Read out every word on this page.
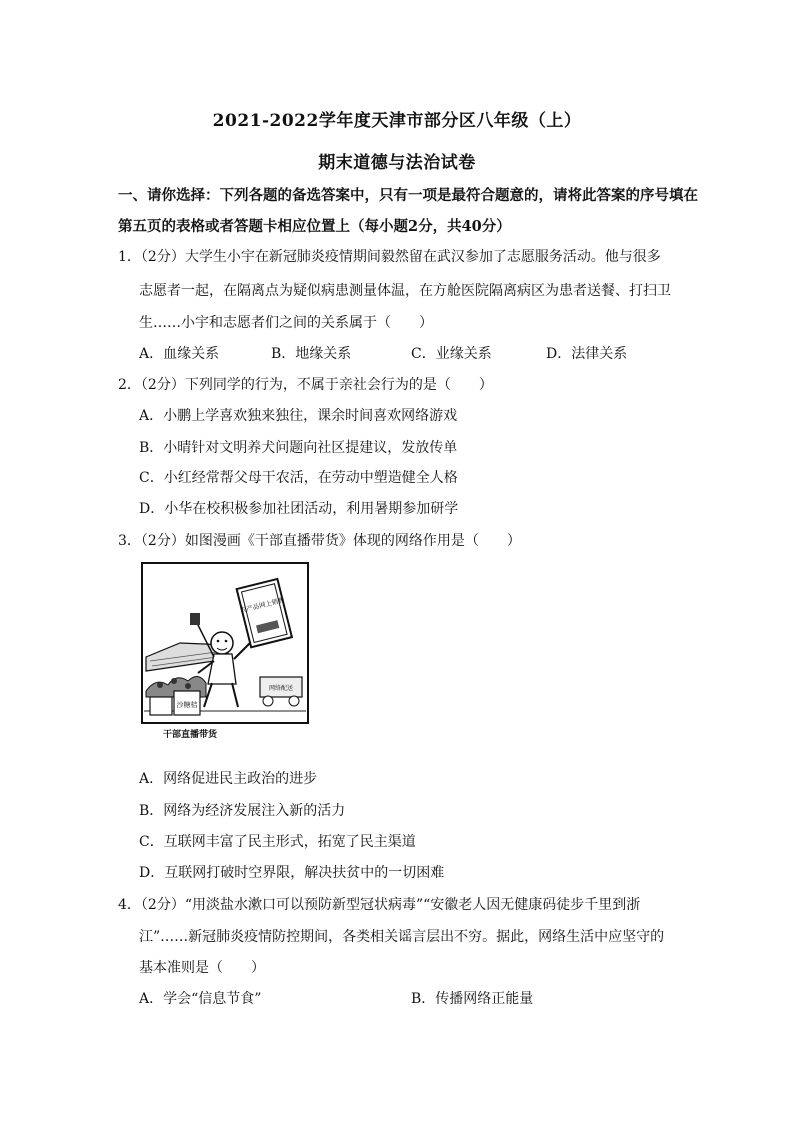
2021-2022学年度天津市部分区八年级（上）
期末道德与法治试卷
一、请你选择：下列各题的备选答案中，只有一项是最符合题意的，请将此答案的序号填在第五页的表格或者答题卡相应位置上（每小题2分，共40分）
1．（2分）大学生小宇在新冠肺炎疫情期间毅然留在武汉参加了志愿服务活动。他与很多
志愿者一起，在隔离点为疑似病患测量体温，在方舱医院隔离病区为患者送餐、打扫卫
生……小宇和志愿者们之间的关系属于（　　）
A．血缘关系	B．地缘关系	C．业缘关系	D．法律关系
2．（2分）下列同学的行为，不属于亲社会行为的是（　　）
A．小鹏上学喜欢独来独往，课余时间喜欢网络游戏
B．小晴针对文明养犬问题向社区提建议，发放传单
C．小红经常帮父母干农活，在劳动中塑造健全人格
D．小华在校积极参加社团活动，利用暑期参加研学
3．（2分）如图漫画《干部直播带货》体现的网络作用是（　　）
沙糖桔
网络配送
农产品网上销售
干部直播带货
A．网络促进民主政治的进步
B．网络为经济发展注入新的活力
C．互联网丰富了民主形式，拓宽了民主渠道
D．互联网打破时空界限，解决扶贫中的一切困难
4．（2分）“用淡盐水漱口可以预防新型冠状病毒”“安徽老人因无健康码徒步千里到浙
江”……新冠肺炎疫情防控期间，各类相关谣言层出不穷。据此，网络生活中应坚守的
基本准则是（　　）
A．学会“信息节食”	B．传播网络正能量
